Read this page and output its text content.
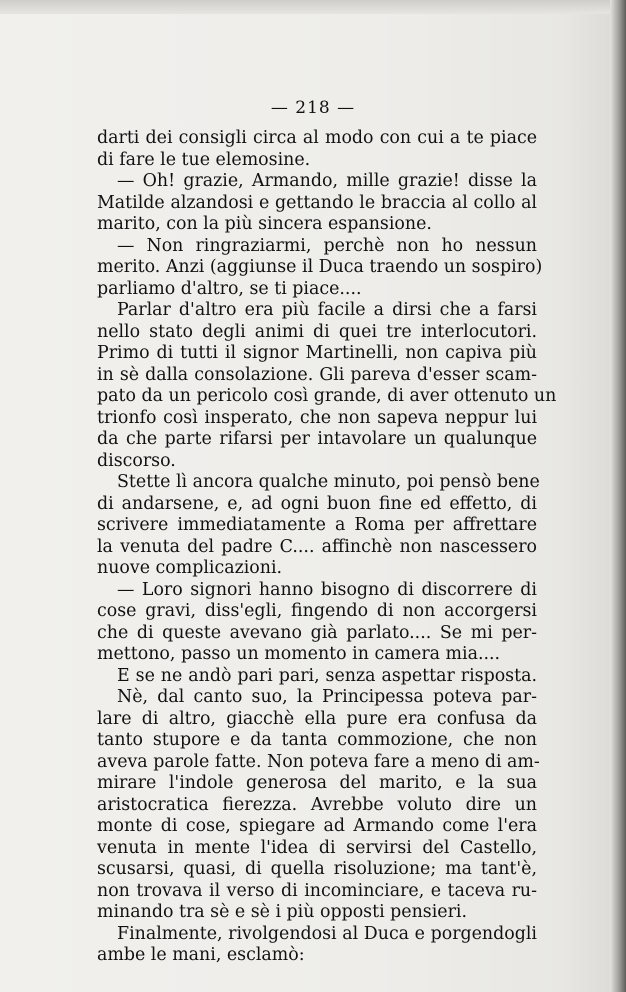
— 218 —
darti dei consigli circa al modo con cui a te piace
di fare le tue elemosine.
— Oh! grazie, Armando, mille grazie! disse la
Matilde alzandosi e gettando le braccia al collo al
marito, con la più sincera espansione.
— Non ringraziarmi, perchè non ho nessun
merito. Anzi (aggiunse il Duca traendo un sospiro)
parliamo d'altro, se ti piace....
Parlar d'altro era più facile a dirsi che a farsi
nello stato degli animi di quei tre interlocutori.
Primo di tutti il signor Martinelli, non capiva più
in sè dalla consolazione. Gli pareva d'esser scam-
pato da un pericolo così grande, di aver ottenuto un
trionfo così insperato, che non sapeva neppur lui
da che parte rifarsi per intavolare un qualunque
discorso.
Stette lì ancora qualche minuto, poi pensò bene
di andarsene, e, ad ogni buon fine ed effetto, di
scrivere immediatamente a Roma per affrettare
la venuta del padre C.... affinchè non nascessero
nuove complicazioni.
— Loro signori hanno bisogno di discorrere di
cose gravi, diss'egli, fingendo di non accorgersi
che di queste avevano già parlato.... Se mi per-
mettono, passo un momento in camera mia....
E se ne andò pari pari, senza aspettar risposta.
Nè, dal canto suo, la Principessa poteva par-
lare di altro, giacchè ella pure era confusa da
tanto stupore e da tanta commozione, che non
aveva parole fatte. Non poteva fare a meno di am-
mirare l'indole generosa del marito, e la sua
aristocratica fierezza. Avrebbe voluto dire un
monte di cose, spiegare ad Armando come l'era
venuta in mente l'idea di servirsi del Castello,
scusarsi, quasi, di quella risoluzione; ma tant'è,
non trovava il verso di incominciare, e taceva ru-
minando tra sè e sè i più opposti pensieri.
Finalmente, rivolgendosi al Duca e porgendogli
ambe le mani, esclamò:
